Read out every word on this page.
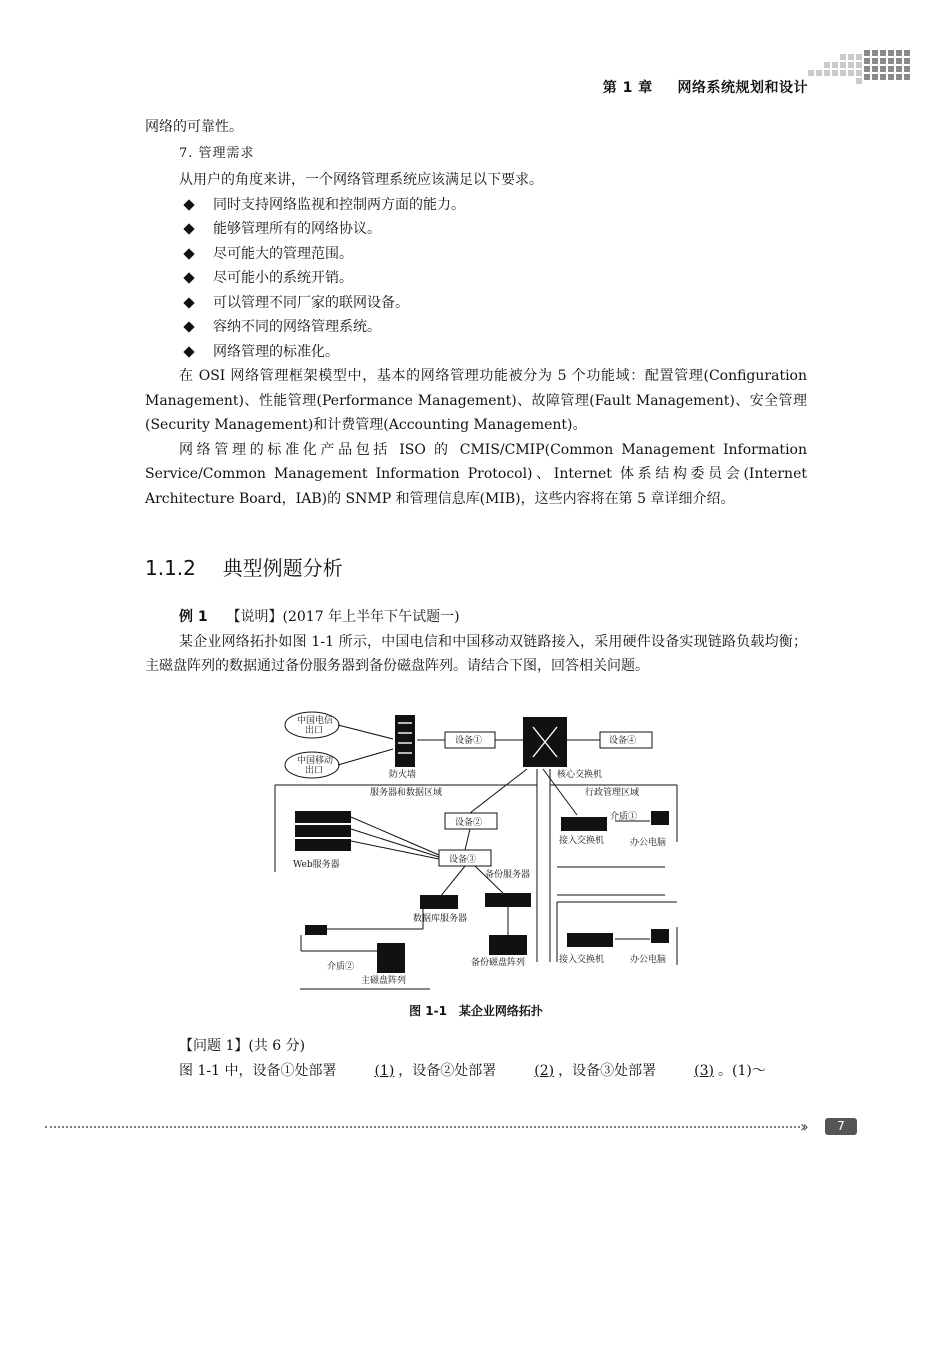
第 1 章 网络系统规划和设计

网络的可靠性。

7. 管理需求

从用户的角度来讲，一个网络管理系统应该满足以下要求。

同时支持网络监视和控制两方面的能力。
能够管理所有的网络协议。
尽可能大的管理范围。
尽可能小的系统开销。
可以管理不同厂家的联网设备。
容纳不同的网络管理系统。
网络管理的标准化。

在 OSI 网络管理框架模型中，基本的网络管理功能被分为 5 个功能域：配置管理(Configuration Management)、性能管理(Performance Management)、故障管理(Fault Management)、安全管理(Security Management)和计费管理(Accounting Management)。

网络管理的标准化产品包括 ISO 的 CMIS/CMIP(Common Management Information Service/Common Management Information Protocol)、Internet 体系结构委员会(Internet Architecture Board，IAB)的 SNMP 和管理信息库(MIB)，这些内容将在第 5 章详细介绍。

1.1.2 典型例题分析

例 1 【说明】(2017 年上半年下午试题一)

某企业网络拓扑如图 1-1 所示，中国电信和中国移动双链路接入，采用硬件设备实现链路负载均衡；主磁盘阵列的数据通过备份服务器到备份磁盘阵列。请结合下图，回答相关问题。

中国电信
出口
中国移动
出口	防火墙
设备①	设备④
核心交换机
服务器和数据区域	行政管理区域
设备②
介质①
接入交换机	办公电脑
设备③
Web服务器
备份服务器
数据库服务器
介质②
主磁盘阵列
备份磁盘阵列	接入交换机	办公电脑
图 1-1　某企业网络拓扑

【问题 1】(共 6 分)

图 1-1 中，设备①处部署	(1) ，设备②处部署	(2) ，设备③处部署	(3) 。(1)～

››	7
